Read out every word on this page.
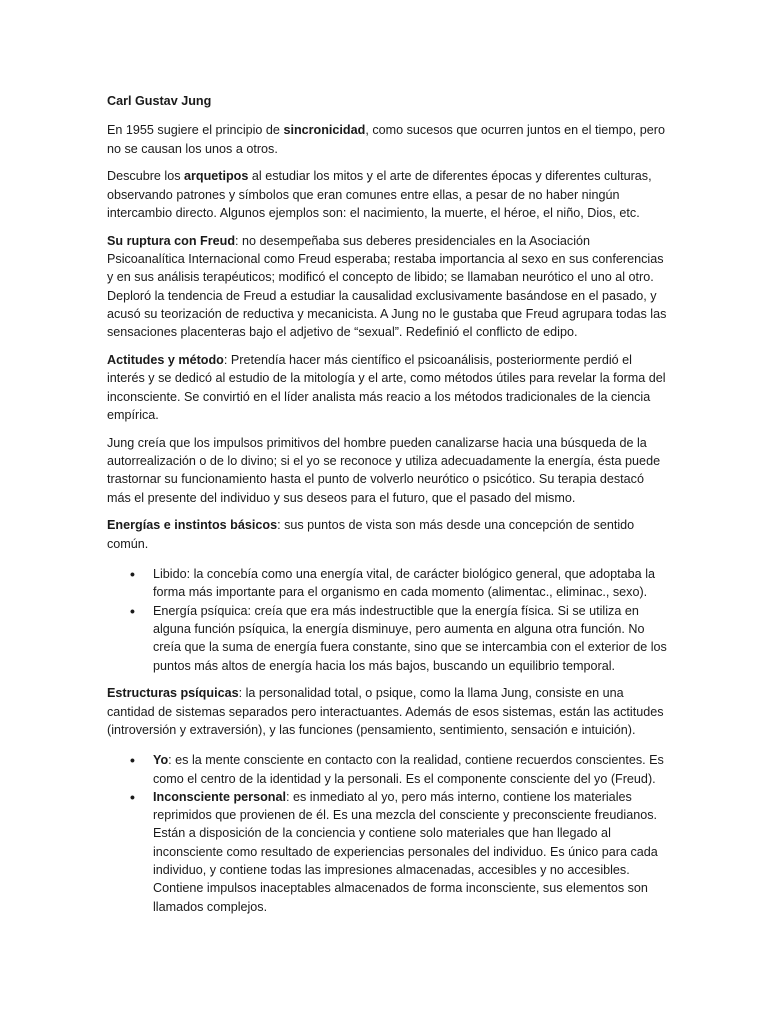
Carl Gustav Jung

En 1955 sugiere el principio de sincronicidad, como sucesos que ocurren juntos en el tiempo, pero no se causan los unos a otros.

Descubre los arquetipos al estudiar los mitos y el arte de diferentes épocas y diferentes culturas, observando patrones y símbolos que eran comunes entre ellas, a pesar de no haber ningún intercambio directo. Algunos ejemplos son: el nacimiento, la muerte, el héroe, el niño, Dios, etc.

Su ruptura con Freud: no desempeñaba sus deberes presidenciales en la Asociación Psicoanalítica Internacional como Freud esperaba; restaba importancia al sexo en sus conferencias y en sus análisis terapéuticos; modificó el concepto de libido; se llamaban neurótico el uno al otro. Deploró la tendencia de Freud a estudiar la causalidad exclusivamente basándose en el pasado, y acusó su teorización de reductiva y mecanicista. A Jung no le gustaba que Freud agrupara todas las sensaciones placenteras bajo el adjetivo de “sexual”. Redefinió el conflicto de edipo.

Actitudes y método: Pretendía hacer más científico el psicoanálisis, posteriormente perdió el interés y se dedicó al estudio de la mitología y el arte, como métodos útiles para revelar la forma del inconsciente. Se convirtió en el líder analista más reacio a los métodos tradicionales de la ciencia empírica.

Jung creía que los impulsos primitivos del hombre pueden canalizarse hacia una búsqueda de la autorrealización o de lo divino; si el yo se reconoce y utiliza adecuadamente la energía, ésta puede trastornar su funcionamiento hasta el punto de volverlo neurótico o psicótico. Su terapia destacó más el presente del individuo y sus deseos para el futuro, que el pasado del mismo.

Energías e instintos básicos: sus puntos de vista son más desde una concepción de sentido común.

• Libido: la concebía como una energía vital, de carácter biológico general, que adoptaba la forma más importante para el organismo en cada momento (alimentac., eliminac., sexo).
• Energía psíquica: creía que era más indestructible que la energía física. Si se utiliza en alguna función psíquica, la energía disminuye, pero aumenta en alguna otra función. No creía que la suma de energía fuera constante, sino que se intercambia con el exterior de los puntos más altos de energía hacia los más bajos, buscando un equilibrio temporal.

Estructuras psíquicas: la personalidad total, o psique, como la llama Jung, consiste en una cantidad de sistemas separados pero interactuantes. Además de esos sistemas, están las actitudes (introversión y extraversión), y las funciones (pensamiento, sentimiento, sensación e intuición).

• Yo: es la mente consciente en contacto con la realidad, contiene recuerdos conscientes. Es como el centro de la identidad y la personali. Es el componente consciente del yo (Freud).
• Inconsciente personal: es inmediato al yo, pero más interno, contiene los materiales reprimidos que provienen de él. Es una mezcla del consciente y preconsciente freudianos. Están a disposición de la conciencia y contiene solo materiales que han llegado al inconsciente como resultado de experiencias personales del individuo. Es único para cada individuo, y contiene todas las impresiones almacenadas, accesibles y no accesibles. Contiene impulsos inaceptables almacenados de forma inconsciente, sus elementos son llamados complejos.
